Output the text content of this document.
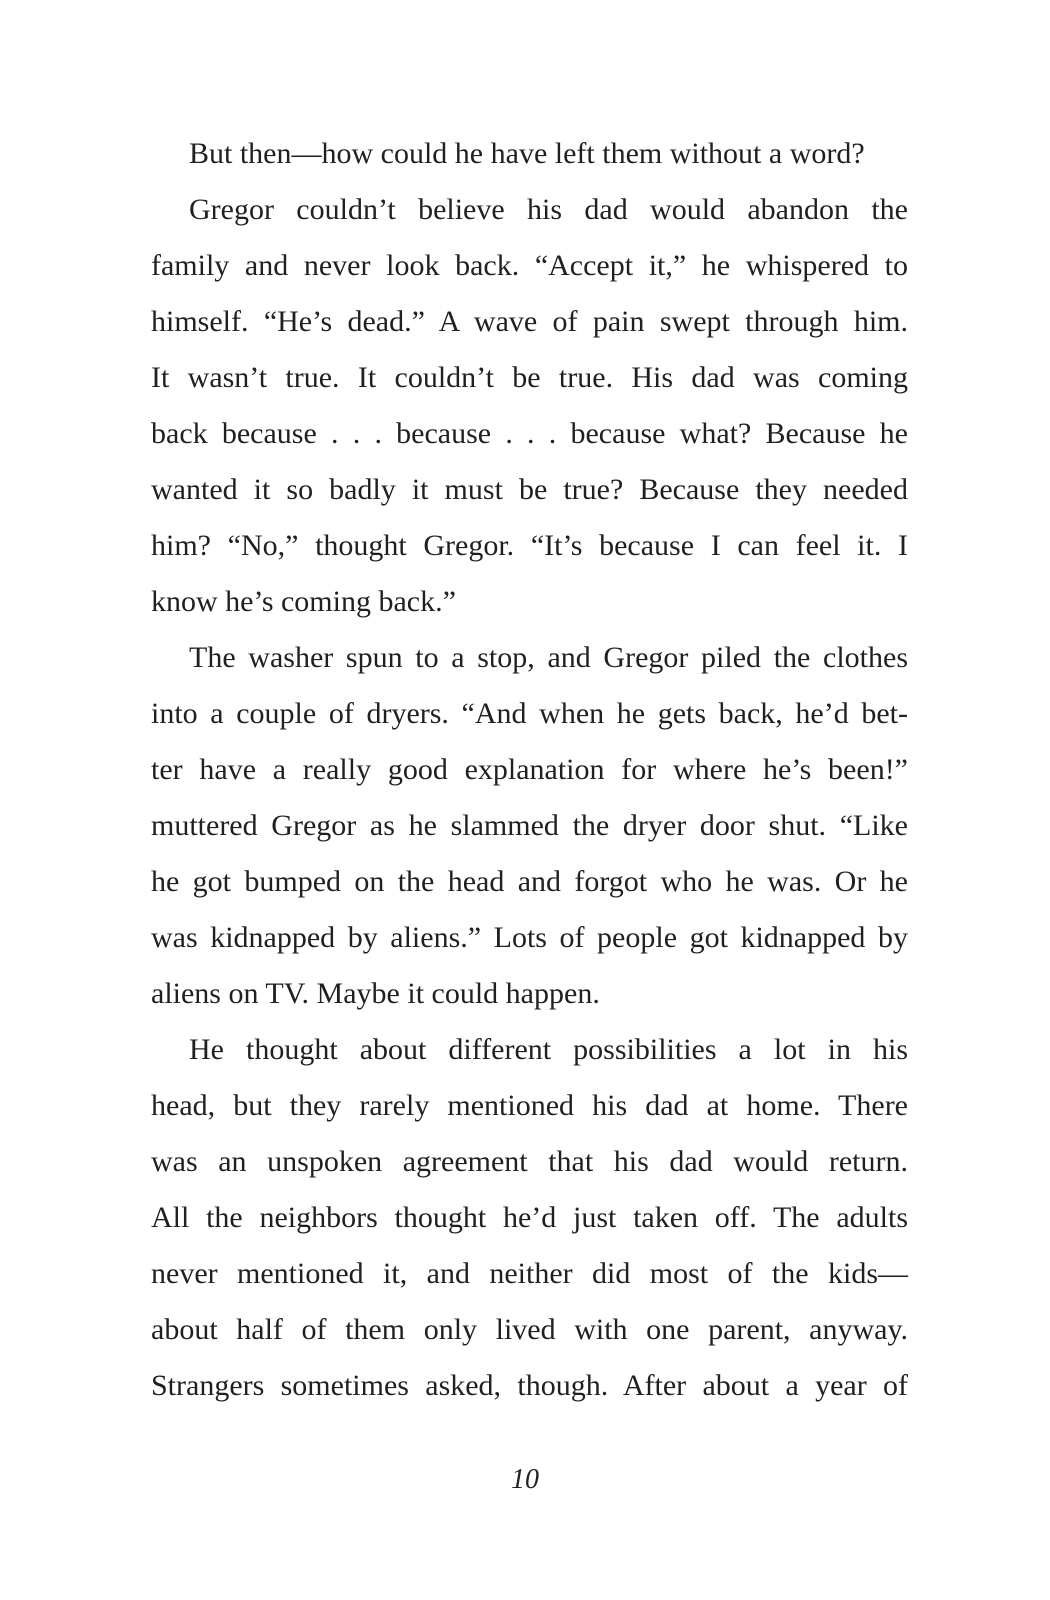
But then—how could he have left them without a word?
Gregor couldn’t believe his dad would abandon the
family and never look back. “Accept it,” he whispered to
himself. “He’s dead.” A wave of pain swept through him.
It wasn’t true. It couldn’t be true. His dad was coming
back because . . . because . . . because what? Because he
wanted it so badly it must be true? Because they needed
him? “No,” thought Gregor. “It’s because I can feel it. I
know he’s coming back.”
The washer spun to a stop, and Gregor piled the clothes
into a couple of dryers. “And when he gets back, he’d bet-
ter have a really good explanation for where he’s been!”
muttered Gregor as he slammed the dryer door shut. “Like
he got bumped on the head and forgot who he was. Or he
was kidnapped by aliens.” Lots of people got kidnapped by
aliens on TV. Maybe it could happen.
He thought about different possibilities a lot in his
head, but they rarely mentioned his dad at home. There
was an unspoken agreement that his dad would return.
All the neighbors thought he’d just taken off. The adults
never mentioned it, and neither did most of the kids—
about half of them only lived with one parent, anyway.
Strangers sometimes asked, though. After about a year of
10
